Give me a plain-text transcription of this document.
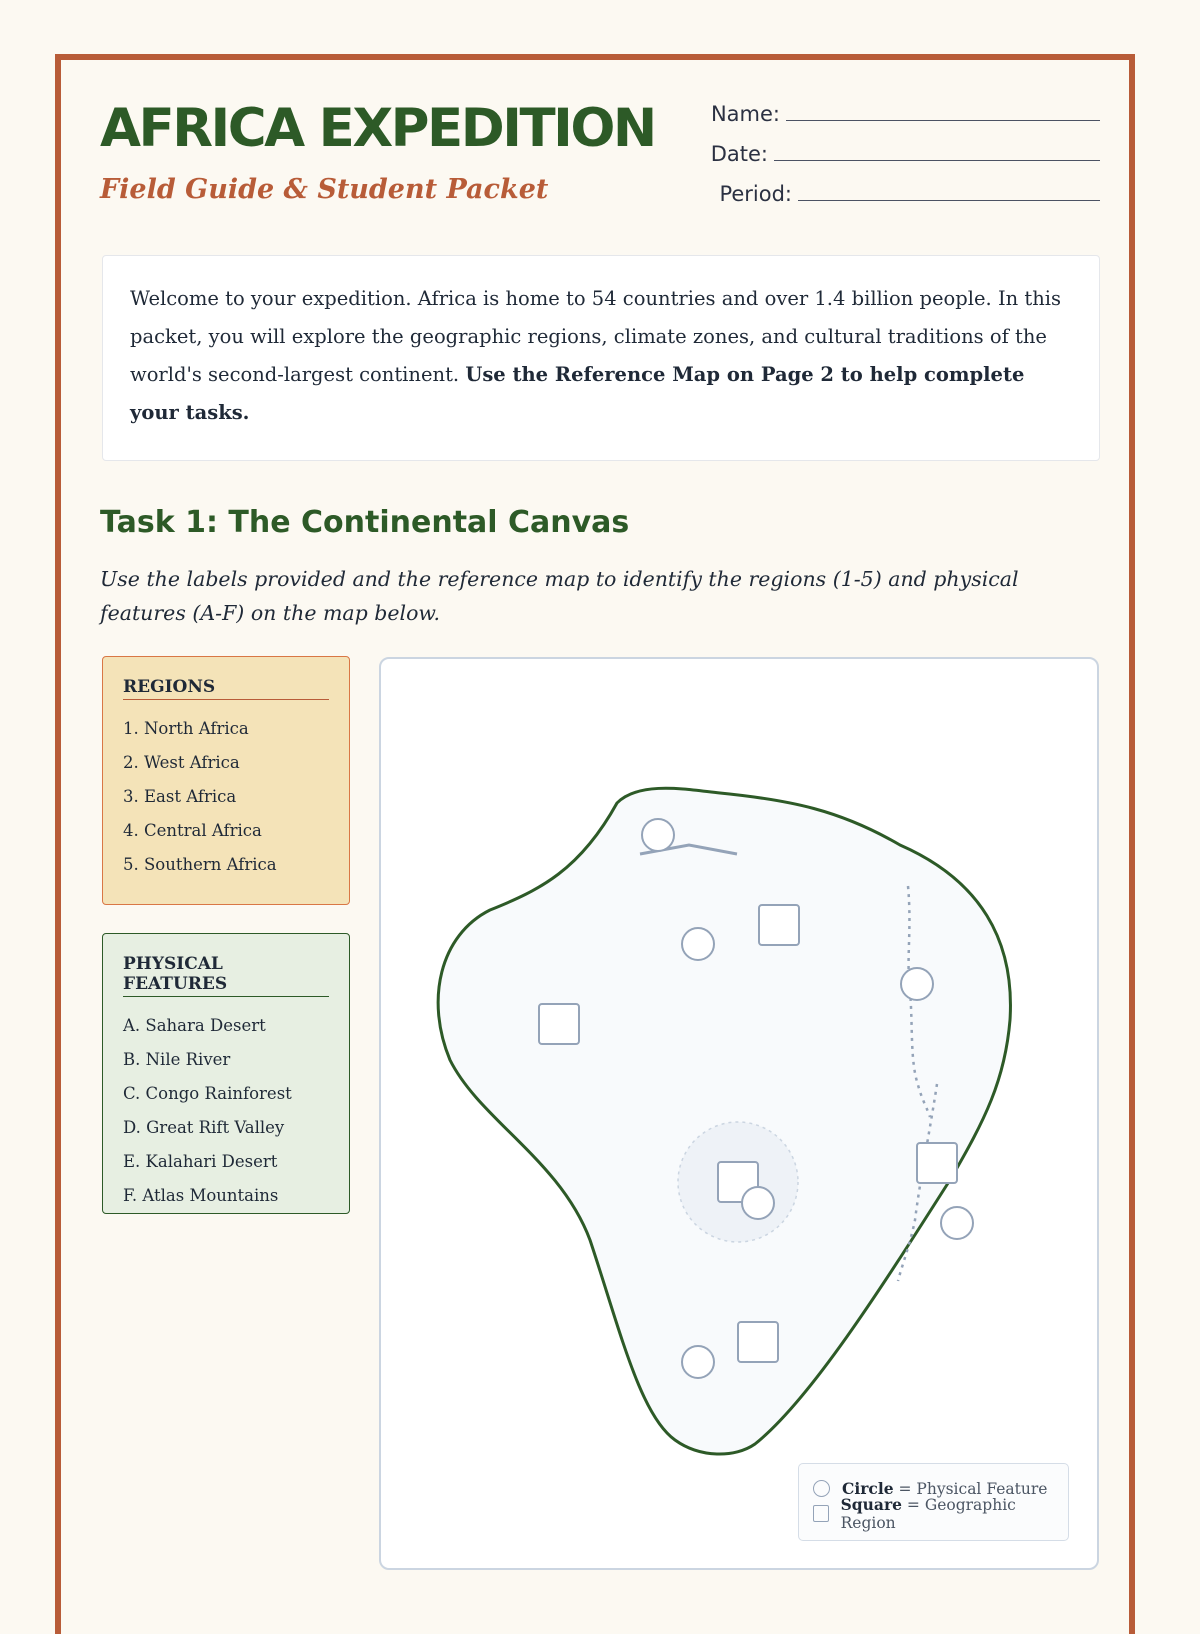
AFRICA EXPEDITION
Field Guide & Student Packet
Name:
Date:
Period:
Welcome to your expedition. Africa is home to 54 countries and over 1.4 billion people. In this packet, you will explore the geographic regions, climate zones, and cultural traditions of the world's second-largest continent. Use the Reference Map on Page 2 to help complete your tasks.
Task 1: The Continental Canvas
Use the labels provided and the reference map to identify the regions (1-5) and physical features (A-F) on the map below.
REGIONS
1. North Africa
2. West Africa
3. East Africa
4. Central Africa
5. Southern Africa
PHYSICAL FEATURES
A. Sahara Desert
B. Nile River
C. Congo Rainforest
D. Great Rift Valley
E. Kalahari Desert
F. Atlas Mountains
Circle = Physical Feature
Square = Geographic Region
